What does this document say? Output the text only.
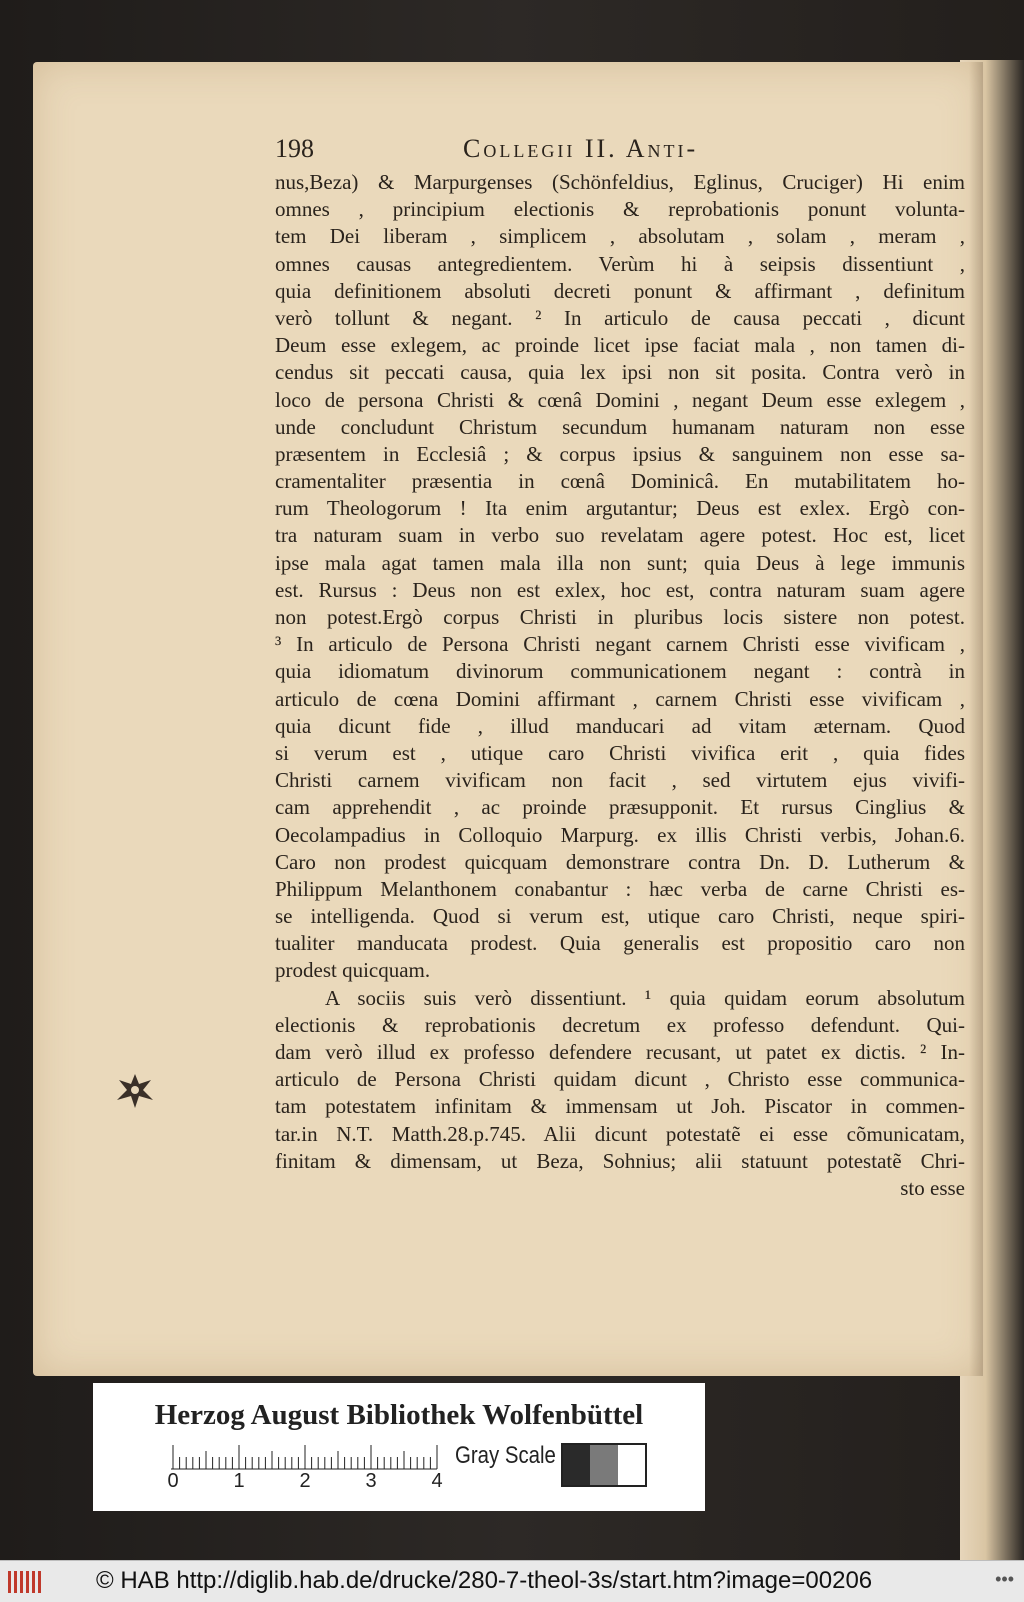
198	Collegii II. Anti-
nus,Beza) & Marpurgenses (Schönfeldius, Eglinus, Cruciger) Hi enim
omnes , principium electionis & reprobationis ponunt volunta-
tem Dei liberam , simplicem , absolutam , solam , meram ,
omnes causas antegredientem. Verùm hi à seipsis dissentiunt ,
quia definitionem absoluti decreti ponunt & affirmant , definitum
verò tollunt & negant. ² In articulo de causa peccati , dicunt
Deum esse exlegem, ac proinde licet ipse faciat mala , non tamen di-
cendus sit peccati causa, quia lex ipsi non sit posita. Contra verò in
loco de persona Christi & cœnâ Domini , negant Deum esse exlegem ,
unde concludunt Christum secundum humanam naturam non esse
præsentem in Ecclesiâ ; & corpus ipsius & sanguinem non esse sa-
cramentaliter præsentia in cœnâ Dominicâ. En mutabilitatem ho-
rum Theologorum ! Ita enim argutantur; Deus est exlex. Ergò con-
tra naturam suam in verbo suo revelatam agere potest. Hoc est, licet
ipse mala agat tamen mala illa non sunt; quia Deus à lege immunis
est. Rursus : Deus non est exlex, hoc est, contra naturam suam agere
non potest.Ergò corpus Christi in pluribus locis sistere non potest.
³ In articulo de Persona Christi negant carnem Christi esse vivificam ,
quia idiomatum divinorum communicationem negant : contrà in
articulo de cœna Domini affirmant , carnem Christi esse vivificam ,
quia dicunt fide , illud manducari ad vitam æternam. Quod
si verum est , utique caro Christi vivifica erit , quia fides
Christi carnem vivificam non facit , sed virtutem ejus vivifi-
cam apprehendit , ac proinde præsupponit. Et rursus Cinglius &
Oecolampadius in Colloquio Marpurg. ex illis Christi verbis, Johan.6.
Caro non prodest quicquam demonstrare contra Dn. D. Lutherum &
Philippum Melanthonem conabantur : hæc verba de carne Christi es-
se intelligenda. Quod si verum est, utique caro Christi, neque spiri-
tualiter manducata prodest. Quia generalis est propositio caro non
prodest quicquam.
A sociis suis verò dissentiunt. ¹ quia quidam eorum absolutum
electionis & reprobationis decretum ex professo defendunt. Qui-
dam verò illud ex professo defendere recusant, ut patet ex dictis. ² In-
articulo de Persona Christi quidam dicunt , Christo esse communica-
tam potestatem infinitam & immensam ut Joh. Piscator in commen-
tar.in N.T. Matth.28.p.745. Alii dicunt potestatẽ ei esse cõmunicatam,
finitam & dimensam, ut Beza, Sohnius; alii statuunt potestatẽ Chri-
sto esse
Herzog August Bibliothek Wolfenbüttel
0	1	2	3	4
Gray Scale
© HAB http://diglib.hab.de/drucke/280-7-theol-3s/start.htm?image=00206	•••
